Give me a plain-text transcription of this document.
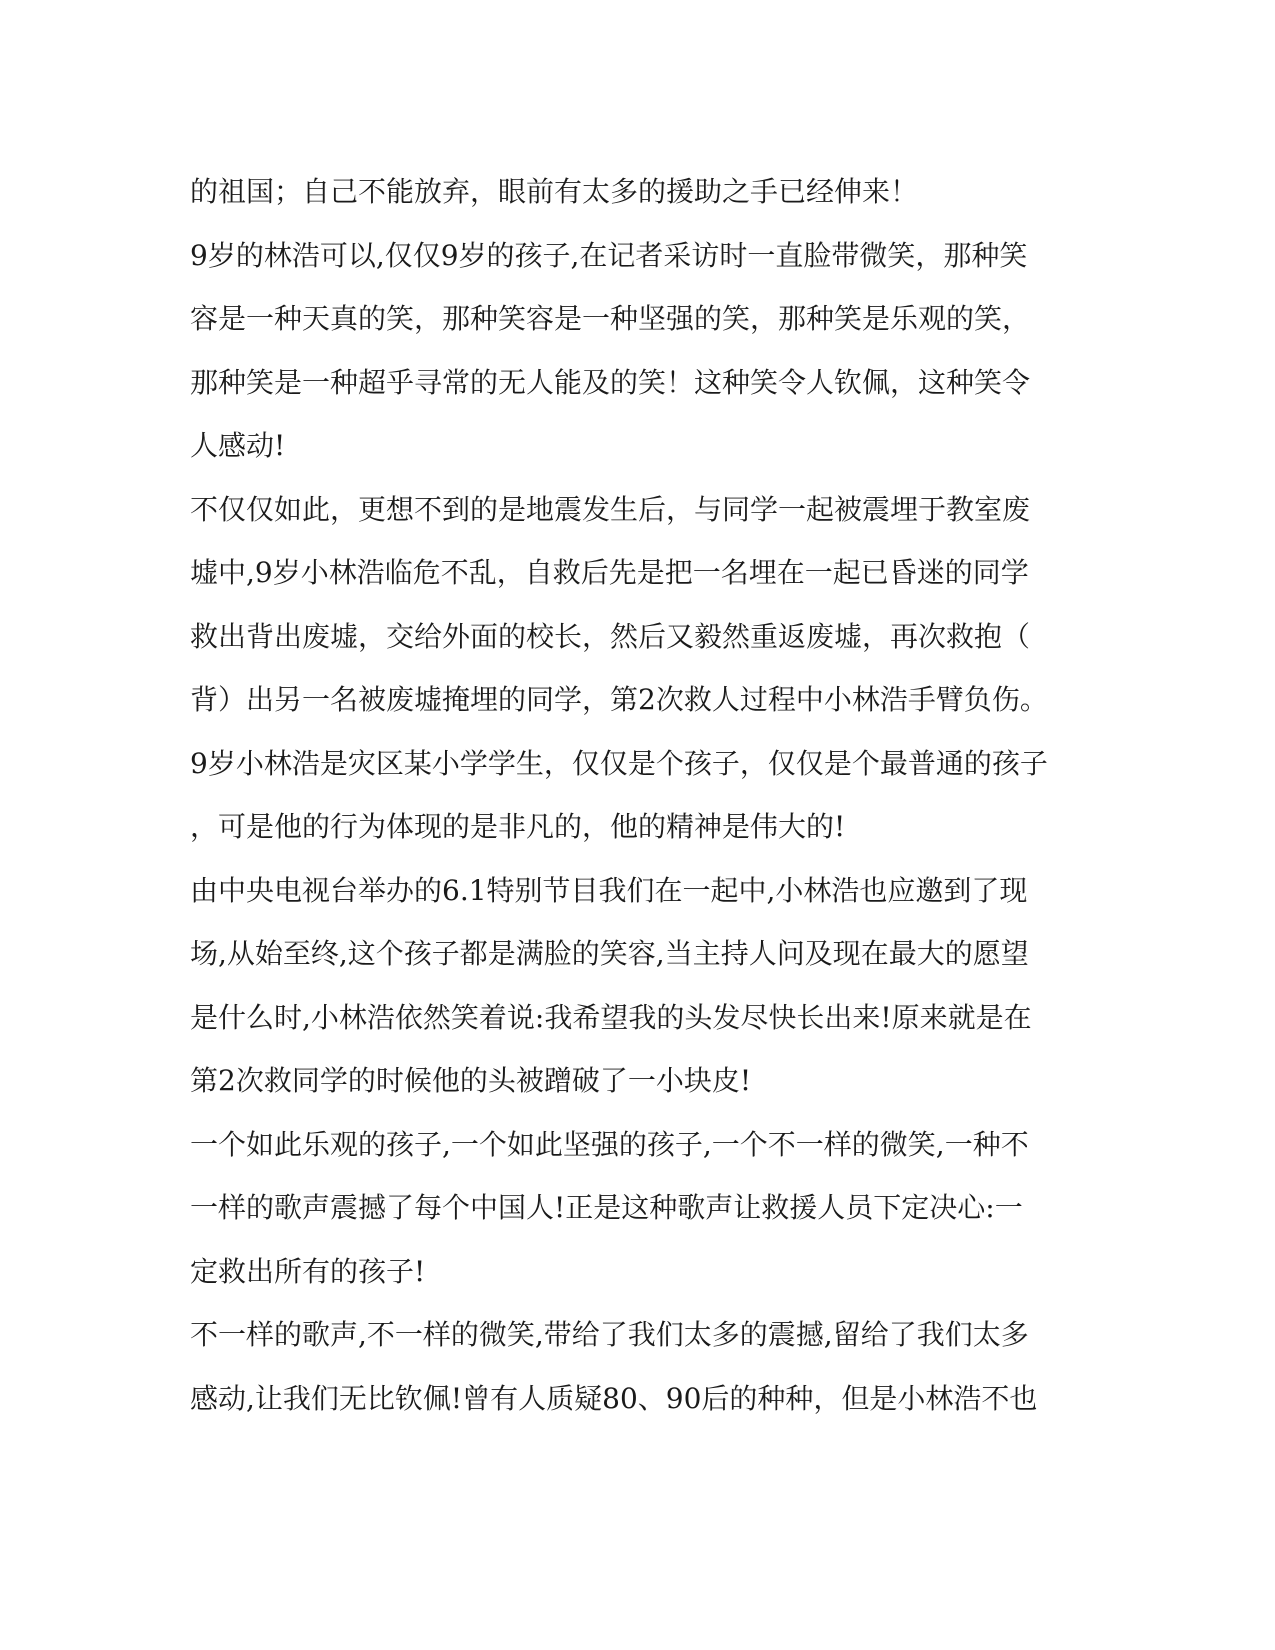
的祖国；自己不能放弃，眼前有太多的援助之手已经伸来！
9岁的林浩可以,仅仅9岁的孩子,在记者采访时一直脸带微笑，那种笑
容是一种天真的笑，那种笑容是一种坚强的笑，那种笑是乐观的笑，
那种笑是一种超乎寻常的无人能及的笑！这种笑令人钦佩，这种笑令
人感动!
不仅仅如此，更想不到的是地震发生后，与同学一起被震埋于教室废
墟中,9岁小林浩临危不乱，自救后先是把一名埋在一起已昏迷的同学
救出背出废墟，交给外面的校长，然后又毅然重返废墟，再次救抱（
背）出另一名被废墟掩埋的同学，第2次救人过程中小林浩手臂负伤。
9岁小林浩是灾区某小学学生，仅仅是个孩子，仅仅是个最普通的孩子
，可是他的行为体现的是非凡的，他的精神是伟大的!
由中央电视台举办的6.1特别节目我们在一起中,小林浩也应邀到了现
场,从始至终,这个孩子都是满脸的笑容,当主持人问及现在最大的愿望
是什么时,小林浩依然笑着说:我希望我的头发尽快长出来!原来就是在
第2次救同学的时候他的头被蹭破了一小块皮!
一个如此乐观的孩子,一个如此坚强的孩子,一个不一样的微笑,一种不
一样的歌声震撼了每个中国人!正是这种歌声让救援人员下定决心:一
定救出所有的孩子!
不一样的歌声,不一样的微笑,带给了我们太多的震撼,留给了我们太多
感动,让我们无比钦佩!曾有人质疑80、90后的种种，但是小林浩不也
